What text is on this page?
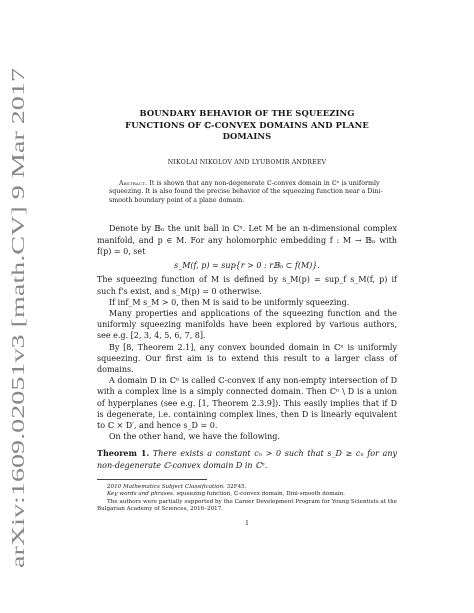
arXiv:1609.02051v3 [math.CV] 9 Mar 2017
BOUNDARY BEHAVIOR OF THE SQUEEZING
FUNCTIONS OF ℂ-CONVEX DOMAINS AND PLANE
DOMAINS
NIKOLAI NIKOLOV AND LYUBOMIR ANDREEV
Abstract. It is shown that any non-degenerate ℂ-convex domain in ℂⁿ is uniformly squeezing. It is also found the precise behavior of the squeezing function near a Dini-smooth boundary point of a plane domain.

Denote by 𝔹ₙ the unit ball in ℂⁿ. Let M be an n-dimensional complex manifold, and p ∈ M. For any holomorphic embedding f : M → 𝔹ₙ with f(p) = 0, set

s_M(f, p) = sup{r > 0 : r𝔹ₙ ⊂ f(M)}.

The squeezing function of M is defined by s_M(p) = sup_f s_M(f, p) if such f's exist, and s_M(p) = 0 otherwise.

If inf_M s_M > 0, then M is said to be uniformly squeezing.

Many properties and applications of the squeezing function and the uniformly squeezing manifolds have been explored by various authors, see e.g. [2, 3, 4, 5, 6, 7, 8].

By [8, Theorem 2.1], any convex bounded domain in ℂⁿ is uniformly squeezing. Our first aim is to extend this result to a larger class of domains.

A domain D in ℂⁿ is called ℂ-convex if any non-empty intersection of D with a complex line is a simply connected domain. Then ℂⁿ \ D is a union of hyperplanes (see e.g. [1, Theorem 2.3.9]). This easily implies that if D is degenerate, i.e. containing complex lines, then D is linearly equivalent to ℂ × D′, and hence s_D = 0.

On the other hand, we have the following.

Theorem 1. There exists a constant cₙ > 0 such that s_D ≥ cₙ for any non-degenerate ℂ-convex domain D in ℂⁿ.

2010 Mathematics Subject Classification. 32F45.

Key words and phrases. squeezing function, ℂ-convex domain, Dini-smooth domain.

The authors were partially supported by the Career Development Program for Young Scientists at the Bulgarian Academy of Sciences, 2016–2017.

1
